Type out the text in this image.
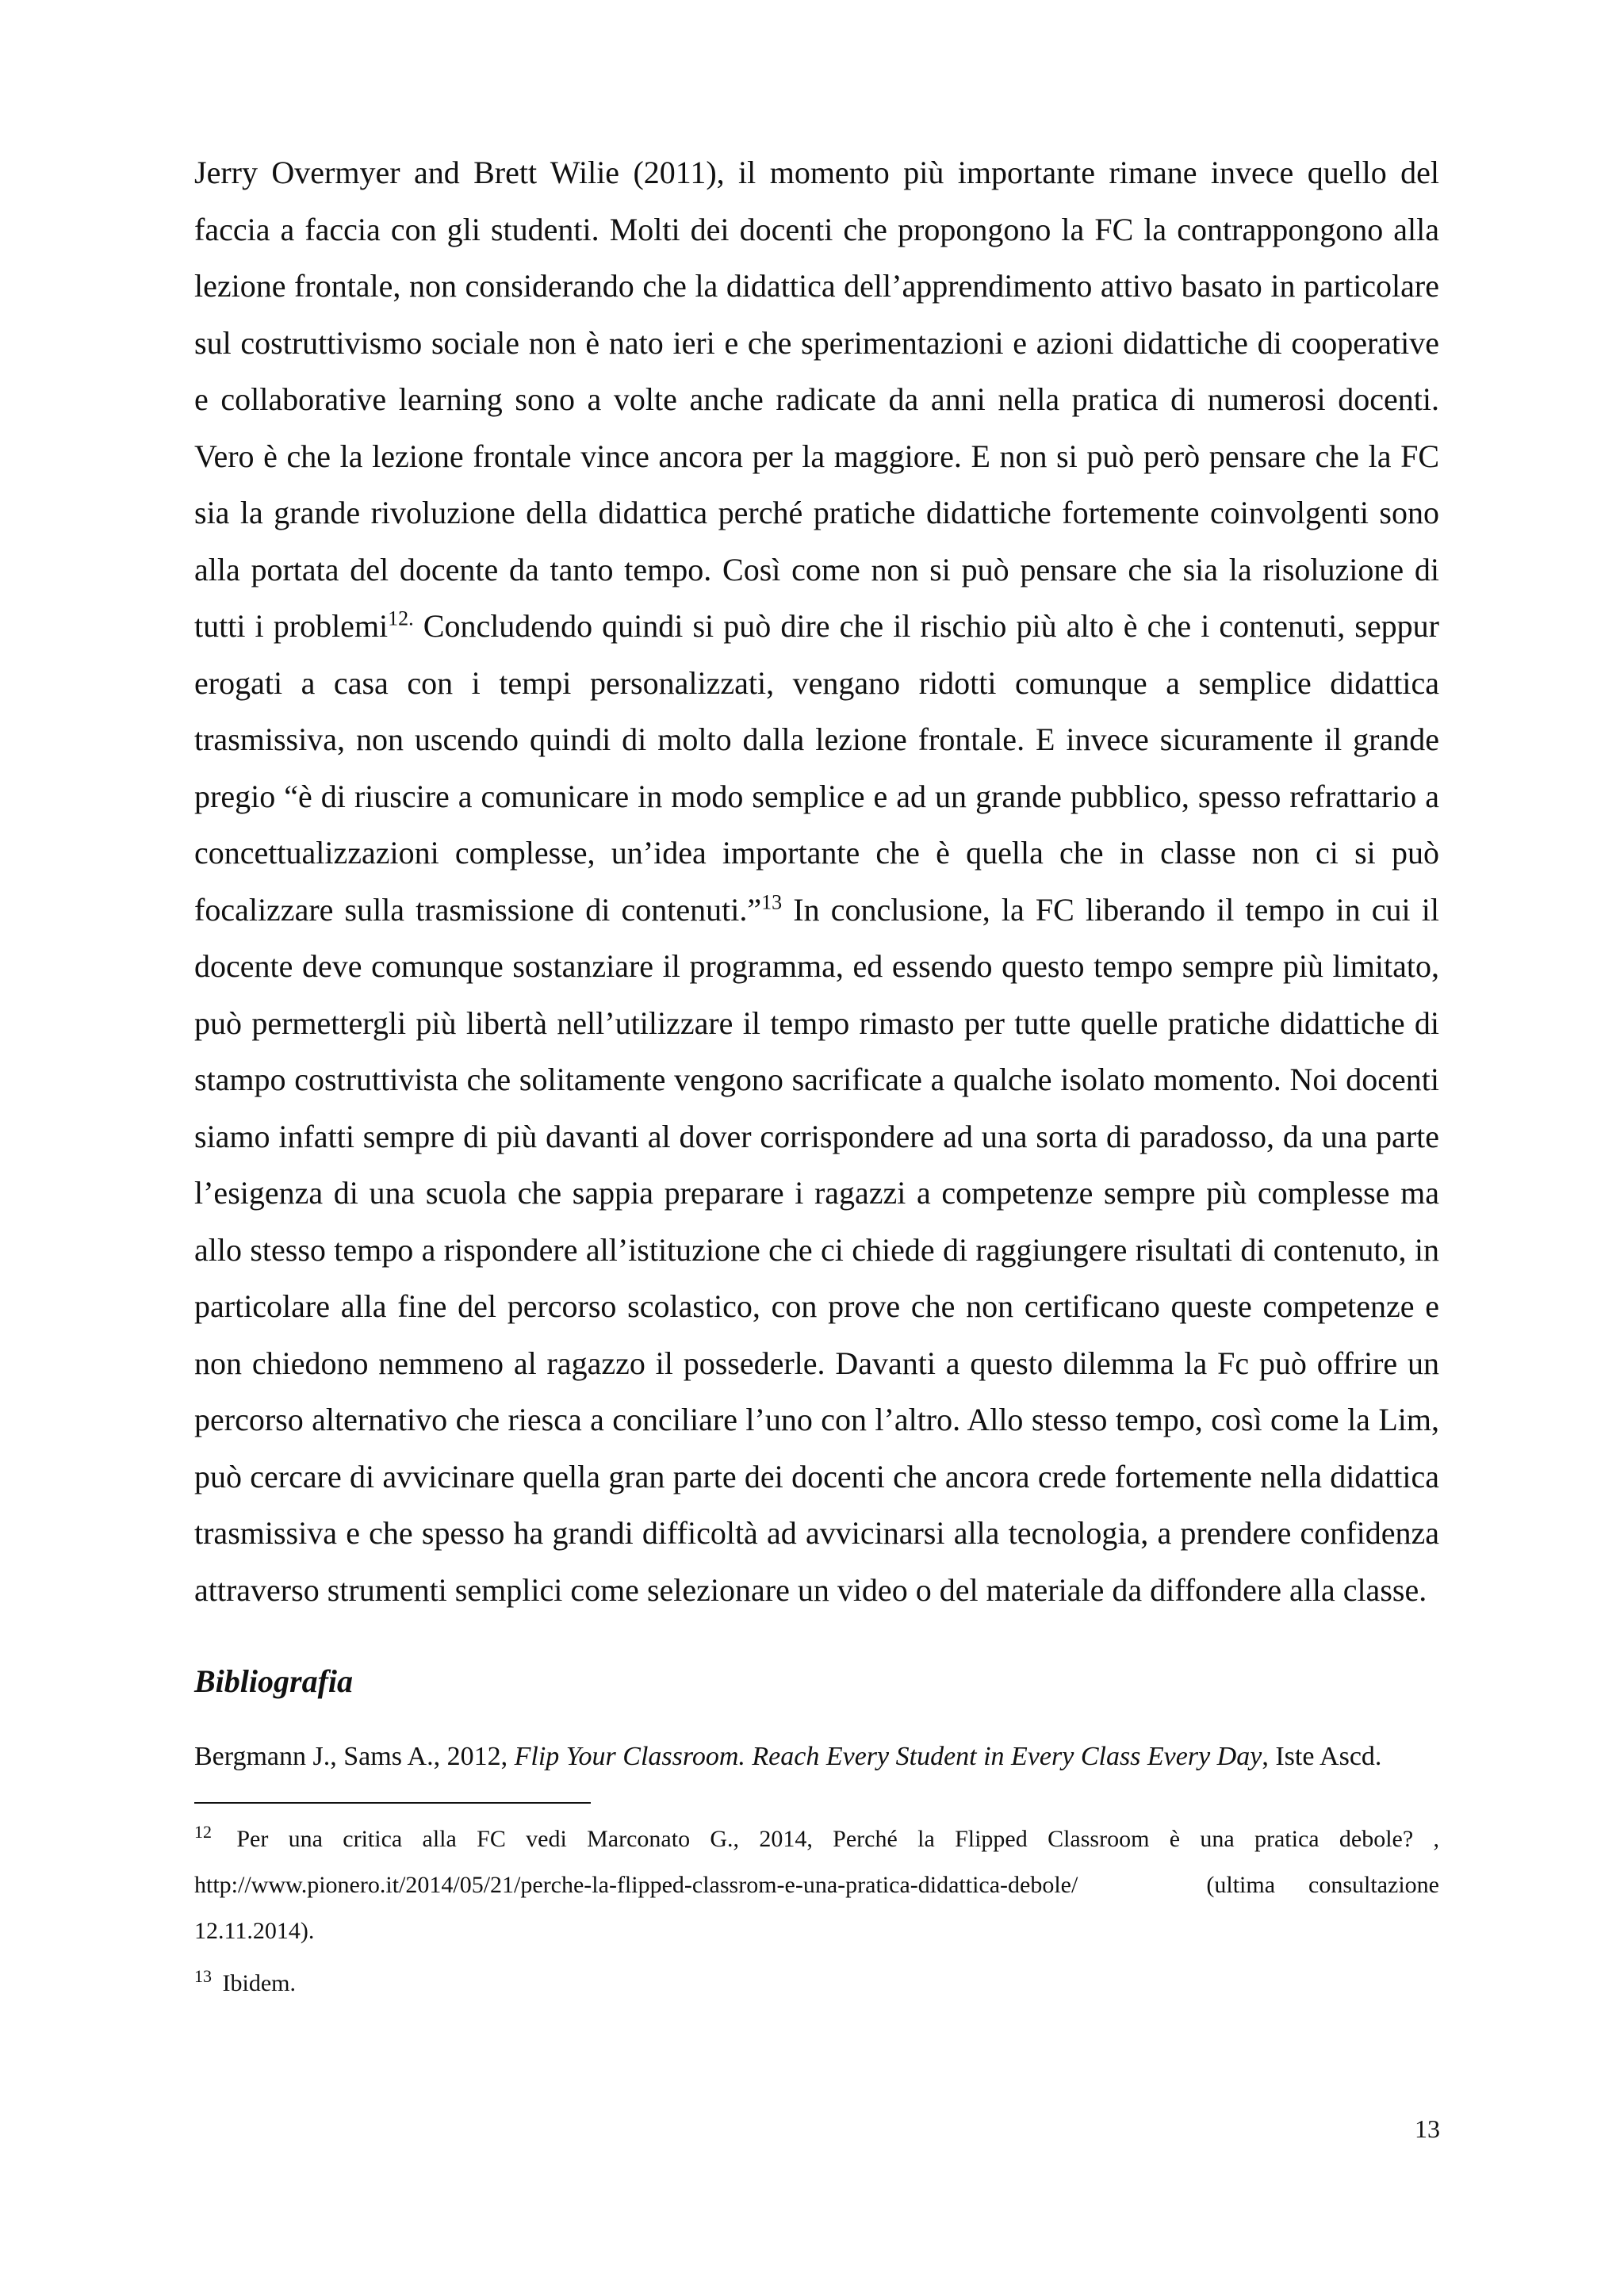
Jerry Overmyer and Brett Wilie (2011), il momento più importante rimane invece quello del faccia a faccia con gli studenti. Molti dei docenti che propongono la FC la contrappongono alla lezione frontale, non considerando che la didattica dell’apprendimento attivo basato in particolare sul costruttivismo sociale non è nato ieri e che sperimentazioni e azioni didattiche di cooperative e collaborative learning sono a volte anche radicate da anni nella pratica di numerosi docenti. Vero è che la lezione frontale vince ancora per la maggiore. E non si può però pensare che la FC sia la grande rivoluzione della didattica perché pratiche didattiche fortemente coinvolgenti sono alla portata del docente da tanto tempo. Così come non si può pensare che sia la risoluzione di tutti i problemi$^{12.}$ Concludendo quindi si può dire che il rischio più alto è che i contenuti, seppur erogati a casa con i tempi personalizzati, vengano ridotti comunque a semplice didattica trasmissiva, non uscendo quindi di molto dalla lezione frontale. E invece sicuramente il grande pregio “è di riuscire a comunicare in modo semplice e ad un grande pubblico, spesso refrattario a concettualizzazioni complesse, un’idea importante che è quella che in classe non ci si può focalizzare sulla trasmissione di contenuti.”$^{13}$ In conclusione, la FC liberando il tempo in cui il docente deve comunque sostanziare il programma, ed essendo questo tempo sempre più limitato, può permettergli più libertà nell’utilizzare il tempo rimasto per tutte quelle pratiche didattiche di stampo costruttivista che solitamente vengono sacrificate a qualche isolato momento. Noi docenti siamo infatti sempre di più davanti al dover corrispondere ad una sorta di paradosso, da una parte l’esigenza di una scuola che sappia preparare i ragazzi a competenze sempre più complesse ma allo stesso tempo a rispondere all’istituzione che ci chiede di raggiungere risultati di contenuto, in particolare alla fine del percorso scolastico, con prove che non certificano queste competenze e non chiedono nemmeno al ragazzo il possederle. Davanti a questo dilemma la Fc può offrire un percorso alternativo che riesca a conciliare l’uno con l’altro. Allo stesso tempo, così come la Lim, può cercare di avvicinare quella gran parte dei docenti che ancora crede fortemente nella didattica trasmissiva e che spesso ha grandi difficoltà ad avvicinarsi alla tecnologia, a prendere confidenza attraverso strumenti semplici come selezionare un video o del materiale da diffondere alla classe.

Bibliografia

Bergmann J., Sams A., 2012, Flip Your Classroom. Reach Every Student in Every Class Every Day, Iste Ascd.

$^{12}$ Per una critica alla FC vedi Marconato G., 2014, Perché la Flipped Classroom è una pratica debole? , http://www.pionero.it/2014/05/21/perche-la-flipped-classrom-e-una-pratica-didattica-debole/	(ultima consultazione 12.11.2014).

$^{13}$ Ibidem.

13
